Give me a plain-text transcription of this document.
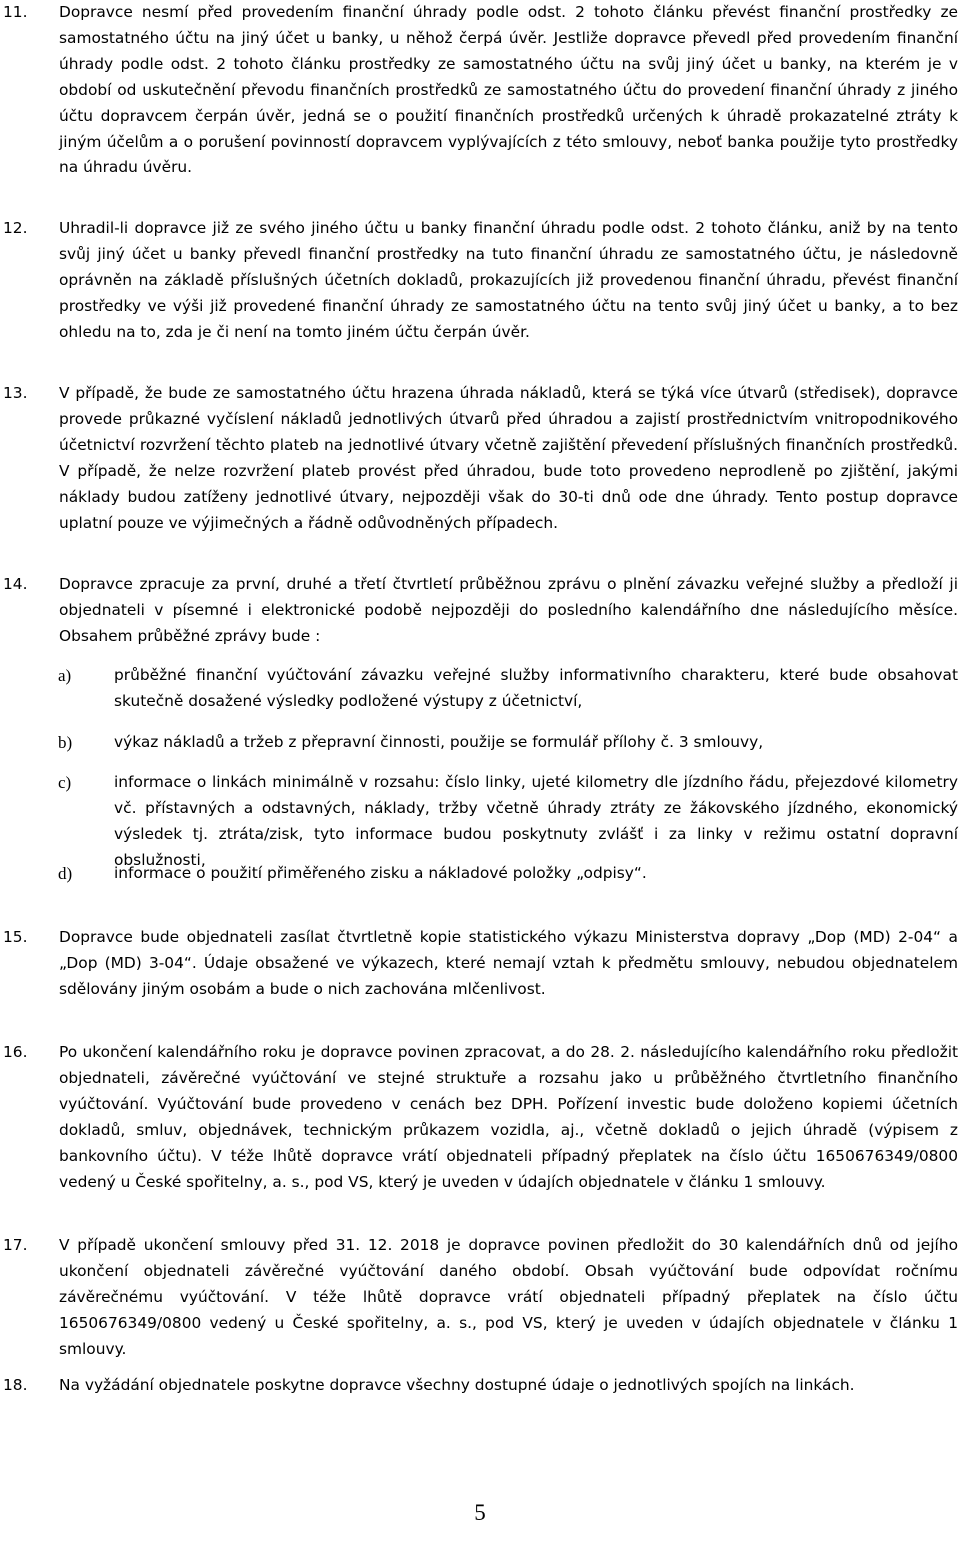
11. Dopravce nesmí před provedením finanční úhrady podle odst. 2 tohoto článku převést finanční prostředky ze samostatného účtu na jiný účet u banky, u něhož čerpá úvěr. Jestliže dopravce převedl před provedením finanční úhrady podle odst. 2 tohoto článku prostředky ze samostatného účtu na svůj jiný účet u banky, na kterém je v období od uskutečnění převodu finančních prostředků ze samostatného účtu do provedení finanční úhrady z jiného účtu dopravcem čerpán úvěr, jedná se o použití finančních prostředků určených k úhradě prokazatelné ztráty k jiným účelům a o porušení povinností dopravcem vyplývajících z této smlouvy, neboť banka použije tyto prostředky na úhradu úvěru.
12. Uhradil-li dopravce již ze svého jiného účtu u banky finanční úhradu podle odst. 2 tohoto článku, aniž by na tento svůj jiný účet u banky převedl finanční prostředky na tuto finanční úhradu ze samostatného účtu, je následovně oprávněn na základě příslušných účetních dokladů, prokazujících již provedenou finanční úhradu, převést finanční prostředky ve výši již provedené finanční úhrady ze samostatného účtu na tento svůj jiný účet u banky, a to bez ohledu na to, zda je či není na tomto jiném účtu čerpán úvěr.
13. V případě, že bude ze samostatného účtu hrazena úhrada nákladů, která se týká více útvarů (středisek), dopravce provede průkazné vyčíslení nákladů jednotlivých útvarů před úhradou a zajistí prostřednictvím vnitropodnikového účetnictví rozvržení těchto plateb na jednotlivé útvary včetně zajištění převedení příslušných finančních prostředků. V případě, že nelze rozvržení plateb provést před úhradou, bude toto provedeno neprodleně po zjištění, jakými náklady budou zatíženy jednotlivé útvary, nejpozději však do 30-ti dnů ode dne úhrady. Tento postup dopravce uplatní pouze ve výjimečných a řádně odůvodněných případech.
14. Dopravce zpracuje za první, druhé a třetí čtvrtletí průběžnou zprávu o plnění závazku veřejné služby a předloží ji objednateli v písemné i elektronické podobě nejpozději do posledního kalendářního dne následujícího měsíce. Obsahem průběžné zprávy bude :
a)	průběžné finanční vyúčtování závazku veřejné služby informativního charakteru, které bude obsahovat skutečně dosažené výsledky podložené výstupy z účetnictví,
b)	výkaz nákladů a tržeb z přepravní činnosti, použije se formulář přílohy č. 3 smlouvy,
c)	informace o linkách minimálně v rozsahu: číslo linky, ujeté kilometry dle jízdního řádu, přejezdové kilometry vč. přístavných a odstavných, náklady, tržby včetně úhrady ztráty ze žákovského jízdného, ekonomický výsledek tj. ztráta/zisk, tyto informace budou poskytnuty zvlášť i za linky v režimu ostatní dopravní obslužnosti,
d)	informace o použití přiměřeného zisku a nákladové položky „odpisy“.
15. Dopravce bude objednateli zasílat čtvrtletně kopie statistického výkazu Ministerstva dopravy „Dop (MD) 2-04“ a „Dop (MD) 3-04“. Údaje obsažené ve výkazech, které nemají vztah k předmětu smlouvy, nebudou objednatelem sdělovány jiným osobám a bude o nich zachována mlčenlivost.
16. Po ukončení kalendářního roku je dopravce povinen zpracovat, a do 28. 2. následujícího kalendářního roku předložit objednateli, závěrečné vyúčtování ve stejné struktuře a rozsahu jako u průběžného čtvrtletního finančního vyúčtování. Vyúčtování bude provedeno v cenách bez DPH. Pořízení investic bude doloženo kopiemi účetních dokladů, smluv, objednávek, technickým průkazem vozidla, aj., včetně dokladů o jejich úhradě (výpisem z bankovního účtu). V téže lhůtě dopravce vrátí objednateli případný přeplatek na číslo účtu 1650676349/0800 vedený u České spořitelny, a. s., pod VS, který je uveden v údajích objednatele v článku 1 smlouvy.
17. V případě ukončení smlouvy před 31. 12. 2018 je dopravce povinen předložit do 30 kalendářních dnů od jejího ukončení objednateli závěrečné vyúčtování daného období. Obsah vyúčtování bude odpovídat ročnímu závěrečnému vyúčtování. V téže lhůtě dopravce vrátí objednateli případný přeplatek na číslo účtu 1650676349/0800 vedený u České spořitelny, a. s., pod VS, který je uveden v údajích objednatele v článku 1 smlouvy.
18. Na vyžádání objednatele poskytne dopravce všechny dostupné údaje o jednotlivých spojích na linkách.
5
